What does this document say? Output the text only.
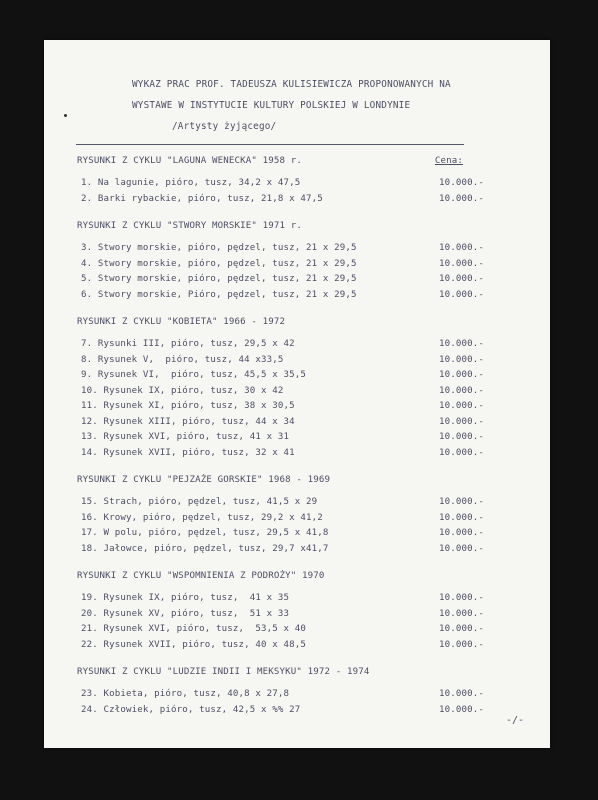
WYKAZ PRAC PROF. TADEUSZA KULISIEWICZA PROPONOWANYCH NA
WYSTAWE W INSTYTUCIE KULTURY POLSKIEJ W LONDYNIE
/Artysty żyjącego/
RYSUNKI Z CYKLU "LAGUNA WENECKA" 1958 r.	Cena:
1. Na lagunie, pióro, tusz, 34,2 x 47,5	10.000.-
2. Barki rybackie, pióro, tusz, 21,8 x 47,5	10.000.-
RYSUNKI Z CYKLU "STWORY MORSKIE" 1971 r.
3. Stwory morskie, pióro, pędzel, tusz, 21 x 29,5	10.000.-
4. Stwory morskie, pióro, pędzel, tusz, 21 x 29,5	10.000.-
5. Stwory morskie, pióro, pędzel, tusz, 21 x 29,5	10.000.-
6. Stwory morskie, Pióro, pędzel, tusz, 21 x 29,5	10.000.-
RYSUNKI Z CYKLU "KOBIETA" 1966 - 1972
7. Rysunki III, pióro, tusz, 29,5 x 42	10.000.-
8. Rysunek V,  pióro, tusz, 44 x33,5	10.000.-
9. Rysunek VI,  pióro, tusz, 45,5 x 35,5	10.000.-
10. Rysunek IX, pióro, tusz, 30 x 42	10.000.-
11. Rysunek XI, pióro, tusz, 38 x 30,5	10.000.-
12. Rysunek XIII, pióro, tusz, 44 x 34	10.000.-
13. Rysunek XVI, pióro, tusz, 41 x 31	10.000.-
14. Rysunek XVII, pióro, tusz, 32 x 41	10.000.-
RYSUNKI Z CYKLU "PEJZAŻE GORSKIE" 1968 - 1969
15. Strach, pióro, pędzel, tusz, 41,5 x 29	10.000.-
16. Krowy, pióro, pędzel, tusz, 29,2 x 41,2	10.000.-
17. W polu, pióro, pędzel, tusz, 29,5 x 41,8	10.000.-
18. Jałowce, pióro, pędzel, tusz, 29,7 x41,7	10.000.-
RYSUNKI Z CYKLU "WSPOMNIENIA Z PODROŻY" 1970
19. Rysunek IX, pióro, tusz,  41 x 35	10.000.-
20. Rysunek XV, pióro, tusz,  51 x 33	10.000.-
21. Rysunek XVI, pióro, tusz,  53,5 x 40	10.000.-
22. Rysunek XVII, pióro, tusz, 40 x 48,5	10.000.-
RYSUNKI Z CYKLU "LUDZIE INDII I MEKSYKU" 1972 - 1974
23. Kobieta, pióro, tusz, 40,8 x 27,8	10.000.-
24. Człowiek, pióro, tusz, 42,5 x %% 27	10.000.-
-/-
